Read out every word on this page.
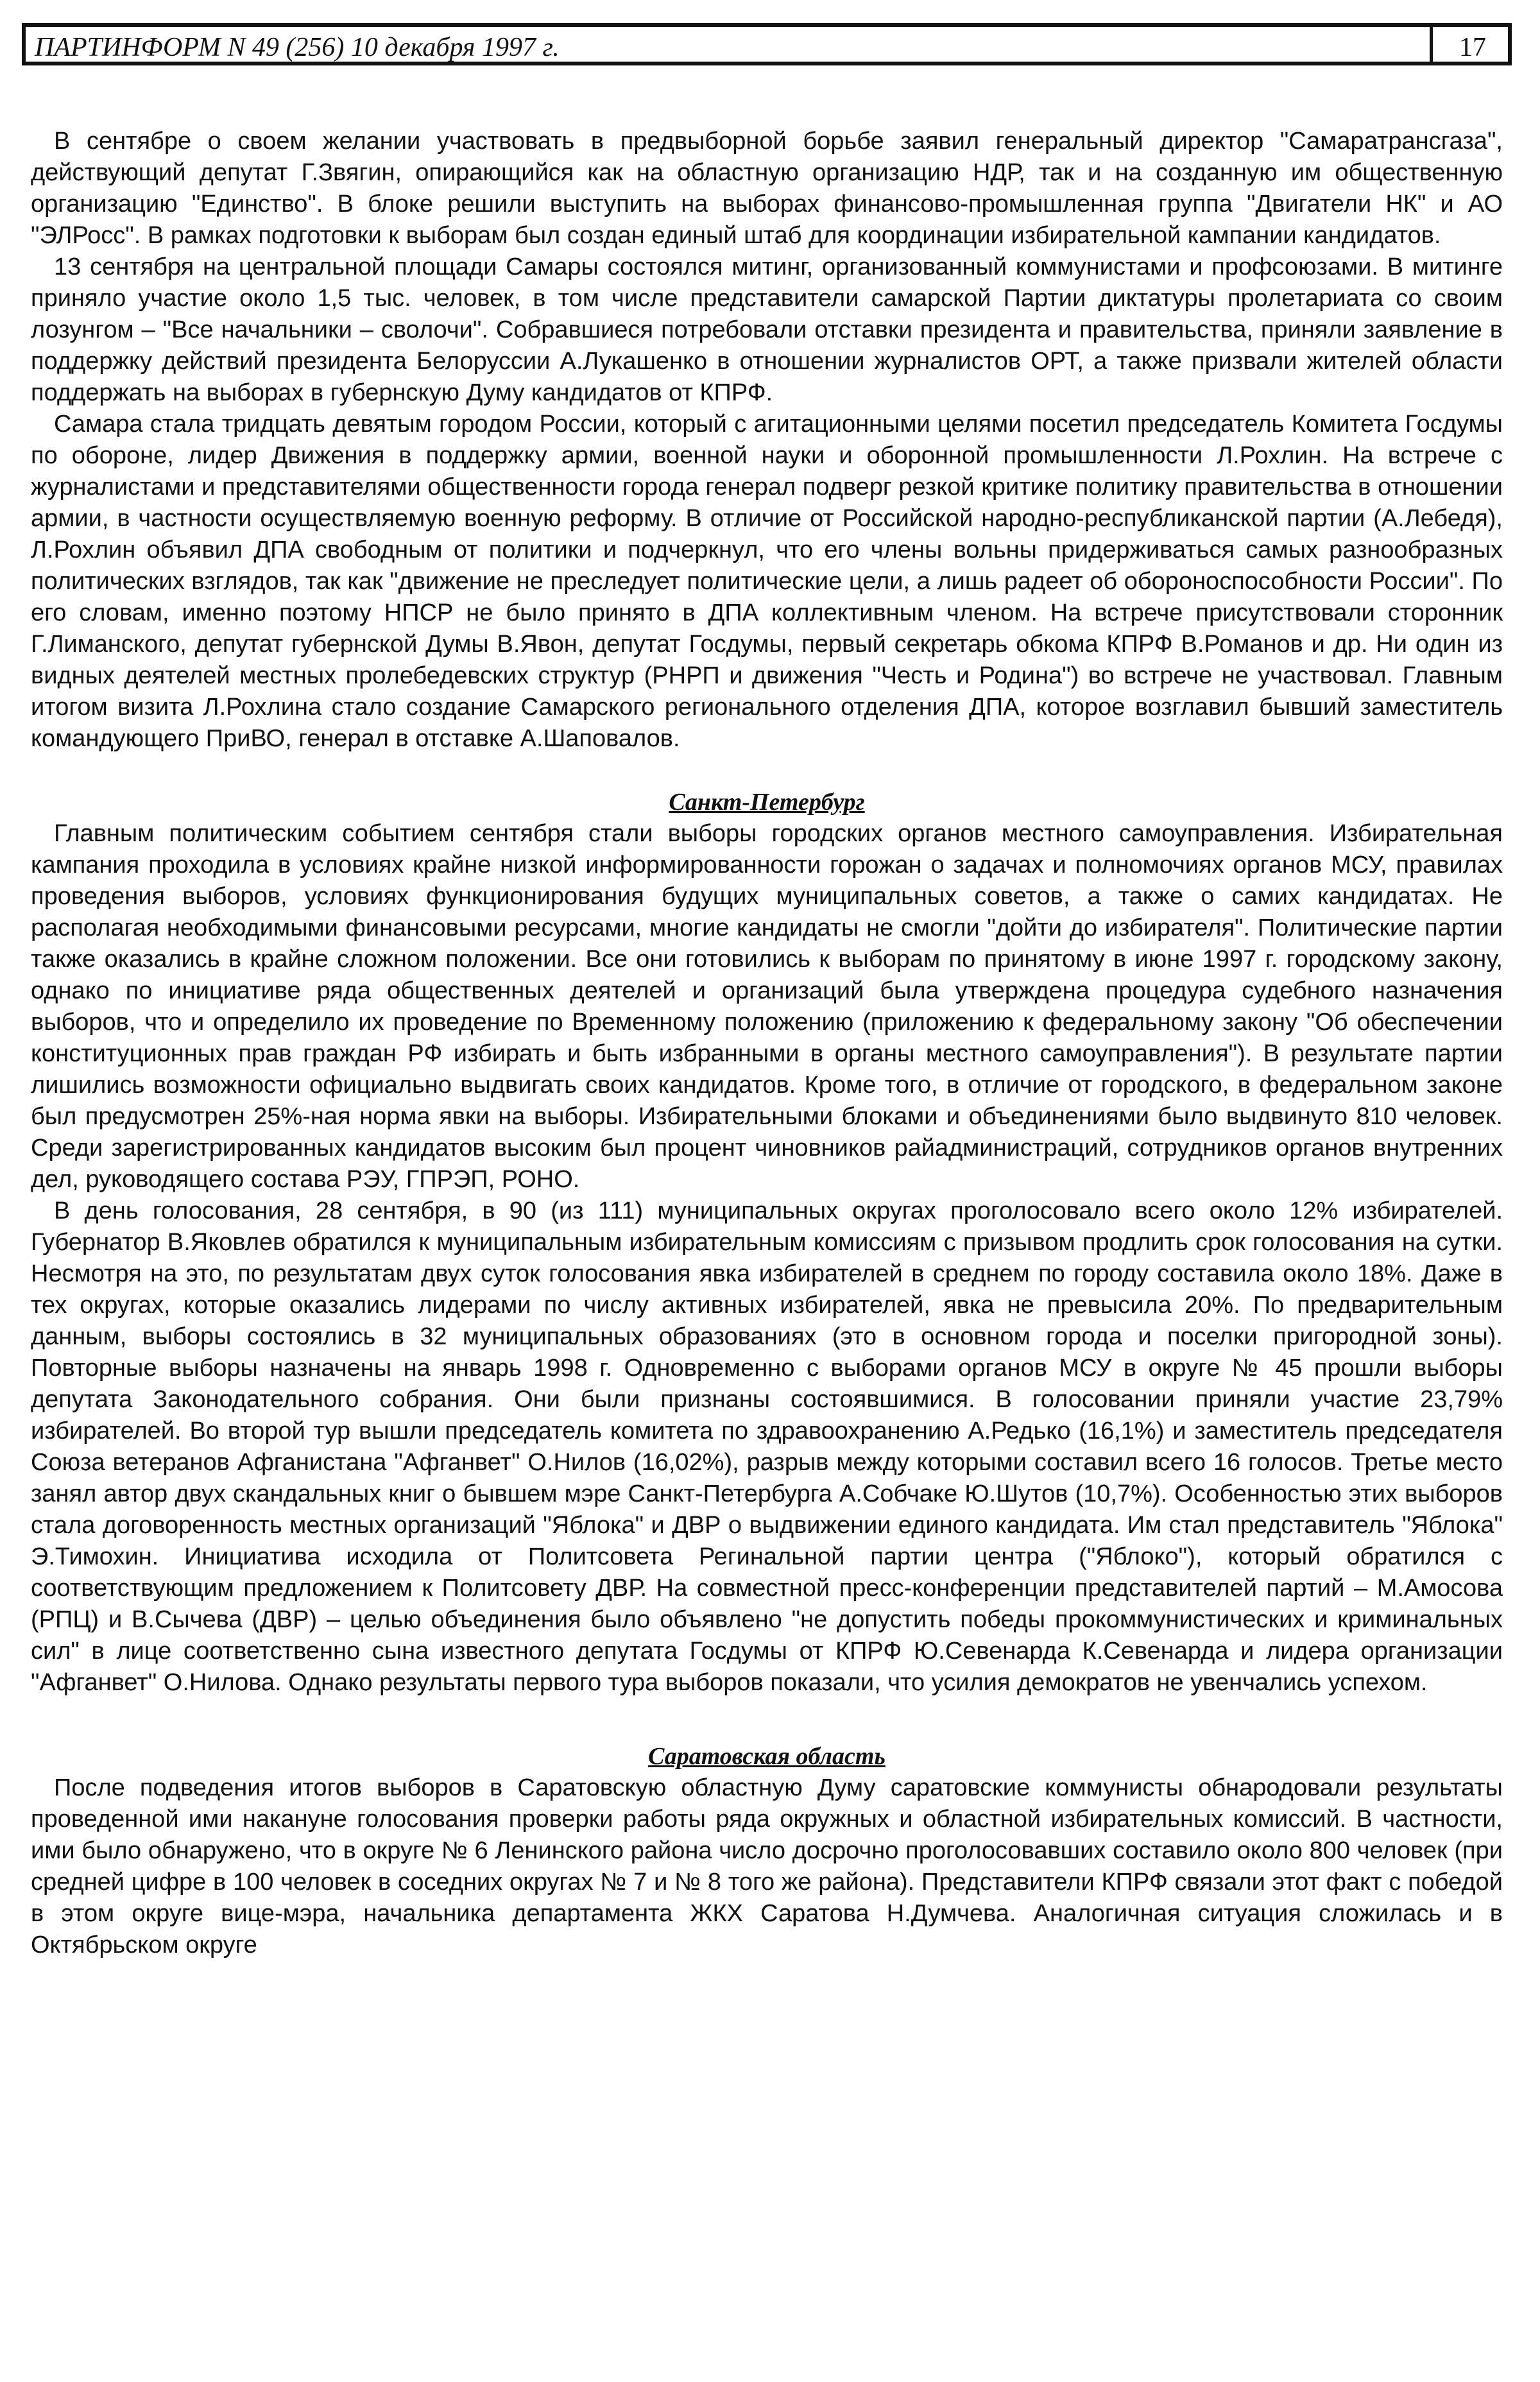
ПАРТИНФОРМ N 49 (256) 10 декабря 1997 г.	17

В сентябре о своем желании участвовать в предвыборной борьбе заявил генеральный директор "Самаратрансгаза", действующий депутат Г.Звягин, опирающийся как на областную организацию НДР, так и на созданную им общественную организацию "Единство". В блоке решили выступить на выборах финансово-промышленная группа "Двигатели НК" и АО "ЭЛРосс". В рамках подготовки к выборам был создан единый штаб для координации избирательной кампании кандидатов.

13 сентября на центральной площади Самары состоялся митинг, организованный коммунистами и профсоюзами. В митинге приняло участие около 1,5 тыс. человек, в том числе представители самарской Партии диктатуры пролетариата со своим лозунгом – "Все начальники – сволочи". Собравшиеся потребовали отставки президента и правительства, приняли заявление в поддержку действий президента Белоруссии А.Лукашенко в отношении журналистов ОРТ, а также призвали жителей области поддержать на выборах в губернскую Думу кандидатов от КПРФ.

Самара стала тридцать девятым городом России, который с агитационными целями посетил председатель Комитета Госдумы по обороне, лидер Движения в поддержку армии, военной науки и оборонной промышленности Л.Рохлин. На встрече с журналистами и представителями общественности города генерал подверг резкой критике политику правительства в отношении армии, в частности осуществляемую военную реформу. В отличие от Российской народно-республиканской партии (А.Лебедя), Л.Рохлин объявил ДПА свободным от политики и подчеркнул, что его члены вольны придерживаться самых разнообразных политических взглядов, так как "движение не преследует политические цели, а лишь радеет об обороноспособности России". По его словам, именно поэтому НПСР не было принято в ДПА коллективным членом. На встрече присутствовали сторонник Г.Лиманского, депутат губернской Думы В.Явон, депутат Госдумы, первый секретарь обкома КПРФ В.Романов и др. Ни один из видных деятелей местных пролебедевских структур (РНРП и движения "Честь и Родина") во встрече не участвовал. Главным итогом визита Л.Рохлина стало создание Самарского регионального отделения ДПА, которое возглавил бывший заместитель командующего ПриВО, генерал в отставке А.Шаповалов.

Санкт-Петербург

Главным политическим событием сентября стали выборы городских органов местного самоуправления. Избирательная кампания проходила в условиях крайне низкой информированности горожан о задачах и полномочиях органов МСУ, правилах проведения выборов, условиях функционирования будущих муниципальных советов, а также о самих кандидатах. Не располагая необходимыми финансовыми ресурсами, многие кандидаты не смогли "дойти до избирателя". Политические партии также оказались в крайне сложном положении. Все они готовились к выборам по принятому в июне 1997 г. городскому закону, однако по инициативе ряда общественных деятелей и организаций была утверждена процедура судебного назначения выборов, что и определило их проведение по Временному положению (приложению к федеральному закону "Об обеспечении конституционных прав граждан РФ избирать и быть избранными в органы местного самоуправления"). В результате партии лишились возможности официально выдвигать своих кандидатов. Кроме того, в отличие от городского, в федеральном законе был предусмотрен 25%-ная норма явки на выборы. Избирательными блоками и объединениями было выдвинуто 810 человек. Среди зарегистрированных кандидатов высоким был процент чиновников райадминистраций, сотрудников органов внутренних дел, руководящего состава РЭУ, ГПРЭП, РОНО.

В день голосования, 28 сентября, в 90 (из 111) муниципальных округах проголосовало всего около 12% избирателей. Губернатор В.Яковлев обратился к муниципальным избирательным комиссиям с призывом продлить срок голосования на сутки. Несмотря на это, по результатам двух суток голосования явка избирателей в среднем по городу составила около 18%. Даже в тех округах, которые оказались лидерами по числу активных избирателей, явка не превысила 20%. По предварительным данным, выборы состоялись в 32 муниципальных образованиях (это в основном города и поселки пригородной зоны). Повторные выборы назначены на январь 1998 г. Одновременно с выборами органов МСУ в округе № 45 прошли выборы депутата Законодательного собрания. Они были признаны состоявшимися. В голосовании приняли участие 23,79% избирателей. Во второй тур вышли председатель комитета по здравоохранению А.Редько (16,1%) и заместитель председателя Союза ветеранов Афганистана "Афганвет" О.Нилов (16,02%), разрыв между которыми составил всего 16 голосов. Третье место занял автор двух скандальных книг о бывшем мэре Санкт-Петербурга А.Собчаке Ю.Шутов (10,7%). Особенностью этих выборов стала договоренность местных организаций "Яблока" и ДВР о выдвижении единого кандидата. Им стал представитель "Яблока" Э.Тимохин. Инициатива исходила от Политсовета Регинальной партии центра ("Яблоко"), который обратился с соответствующим предложением к Политсовету ДВР. На совместной пресс-конференции представителей партий – М.Амосова (РПЦ) и В.Сычева (ДВР) – целью объединения было объявлено "не допустить победы прокоммунистических и криминальных сил" в лице соответственно сына известного депутата Госдумы от КПРФ Ю.Севенарда К.Севенарда и лидера организации "Афганвет" О.Нилова. Однако результаты первого тура выборов показали, что усилия демократов не увенчались успехом.

Саратовская область

После подведения итогов выборов в Саратовскую областную Думу саратовские коммунисты обнародовали результаты проведенной ими накануне голосования проверки работы ряда окружных и областной избирательных комиссий. В частности, ими было обнаружено, что в округе № 6 Ленинского района число досрочно проголосовавших составило около 800 человек (при средней цифре в 100 человек в соседних округах № 7 и № 8 того же района). Представители КПРФ связали этот факт с победой в этом округе вице-мэра, начальника департамента ЖКХ Саратова Н.Думчева. Аналогичная ситуация сложилась и в Октябрьском округе
